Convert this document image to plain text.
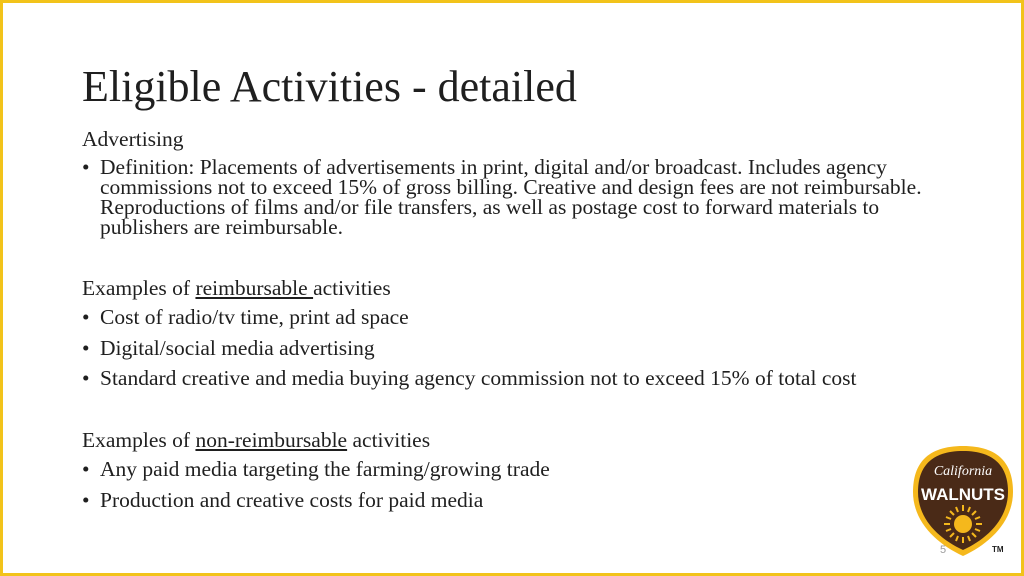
Eligible Activities - detailed
Advertising
• Definition: Placements of advertisements in print, digital and/or broadcast. Includes agency commissions not to exceed 15% of gross billing. Creative and design fees are not reimbursable. Reproductions of films and/or file transfers, as well as postage cost to forward materials to publishers are reimbursable.
Examples of reimbursable activities
• Cost of radio/tv time, print ad space
• Digital/social media advertising
• Standard creative and media buying agency commission not to exceed 15% of total cost
Examples of non-reimbursable activities
• Any paid media targeting the farming/growing trade
• Production and creative costs for paid media
California
WALNUTS
TM
5
